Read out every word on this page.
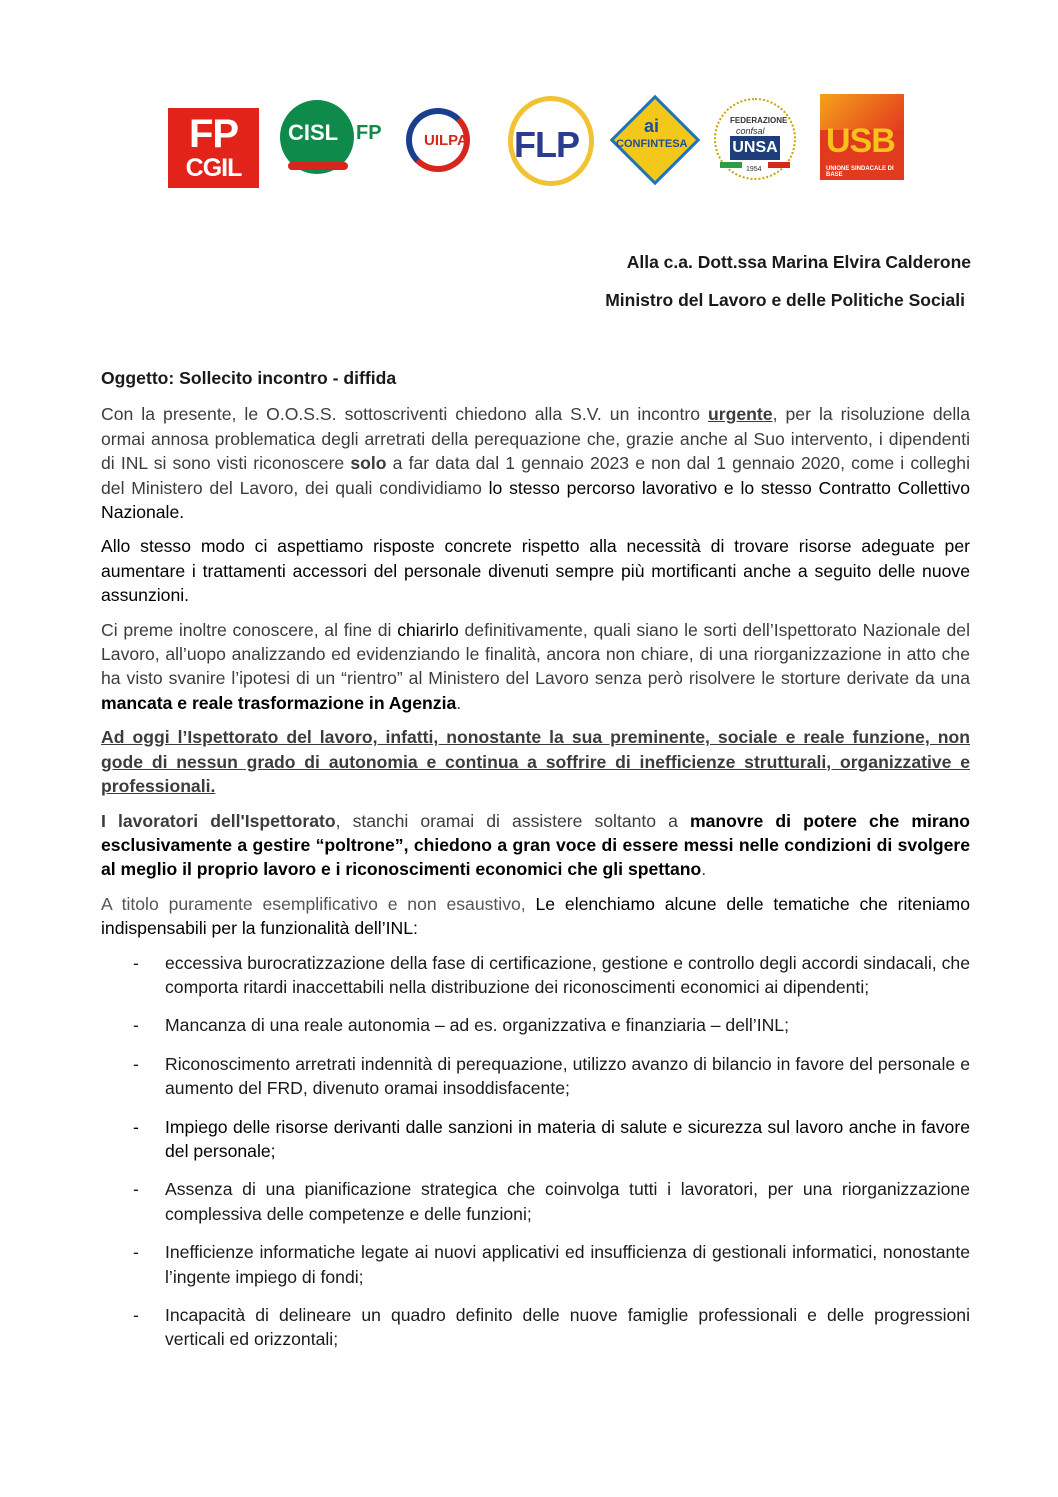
FP
CGIL
CISL FP	UILPA FLP	ai
CONFINTESA
FEDERAZIONE
confsal
UNSA
1954
USB
UNIONE SINDACALE DI BASE
Alla c.a. Dott.ssa Marina Elvira Calderone
Ministro del Lavoro e delle Politiche Sociali

Oggetto: Sollecito incontro - diffida

Con la presente, le O.O.S.S. sottoscriventi chiedono alla S.V. un incontro urgente, per la risoluzione della ormai annosa problematica degli arretrati della perequazione che, grazie anche al Suo intervento, i dipendenti di INL si sono visti riconoscere solo a far data dal 1 gennaio 2023 e non dal 1 gennaio 2020, come i colleghi del Ministero del Lavoro, dei quali condividiamo lo stesso percorso lavorativo e lo stesso Contratto Collettivo Nazionale.

Allo stesso modo ci aspettiamo risposte concrete rispetto alla necessità di trovare risorse adeguate per aumentare i trattamenti accessori del personale divenuti sempre più mortificanti anche a seguito delle nuove assunzioni.

Ci preme inoltre conoscere, al fine di chiarirlo definitivamente, quali siano le sorti dell’Ispettorato Nazionale del Lavoro, all’uopo analizzando ed evidenziando le finalità, ancora non chiare, di una riorganizzazione in atto che ha visto svanire l’ipotesi di un “rientro” al Ministero del Lavoro senza però risolvere le storture derivate da una mancata e reale trasformazione in Agenzia.

Ad oggi l’Ispettorato del lavoro, infatti, nonostante la sua preminente, sociale e reale funzione, non gode di nessun grado di autonomia e continua a soffrire di inefficienze strutturali, organizzative e professionali.

I lavoratori dell'Ispettorato, stanchi oramai di assistere soltanto a manovre di potere che mirano esclusivamente a gestire “poltrone”, chiedono a gran voce di essere messi nelle condizioni di svolgere al meglio il proprio lavoro e i riconoscimenti economici che gli spettano.

A titolo puramente esemplificativo e non esaustivo, Le elenchiamo alcune delle tematiche che riteniamo indispensabili per la funzionalità dell’INL:

- eccessiva burocratizzazione della fase di certificazione, gestione e controllo degli accordi sindacali, che comporta ritardi inaccettabili nella distribuzione dei riconoscimenti economici ai dipendenti;
- Mancanza di una reale autonomia – ad es. organizzativa e finanziaria – dell’INL;
- Riconoscimento arretrati indennità di perequazione, utilizzo avanzo di bilancio in favore del personale e aumento del FRD, divenuto oramai insoddisfacente;
- Impiego delle risorse derivanti dalle sanzioni in materia di salute e sicurezza sul lavoro anche in favore del personale;
- Assenza di una pianificazione strategica che coinvolga tutti i lavoratori, per una riorganizzazione complessiva delle competenze e delle funzioni;
- Inefficienze informatiche legate ai nuovi applicativi ed insufficienza di gestionali informatici, nonostante l’ingente impiego di fondi;
- Incapacità di delineare un quadro definito delle nuove famiglie professionali e delle progressioni verticali ed orizzontali;
